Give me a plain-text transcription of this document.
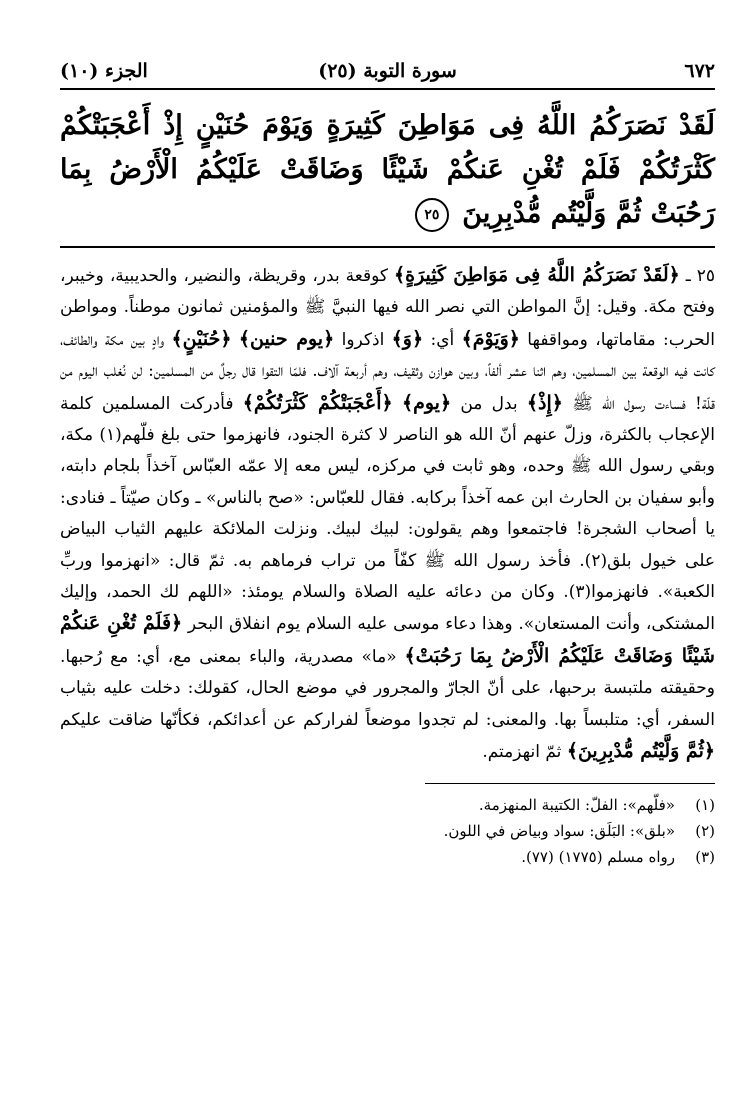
٦٧٢
سورة التوبة (٢٥)
الجزء (١٠)
لَقَدْ نَصَرَكُمُ اللَّهُ فِى مَوَاطِنَ كَثِيرَةٍ وَيَوْمَ حُنَيْنٍ إِذْ أَعْجَبَتْكُمْ كَثْرَتُكُمْ فَلَمْ تُغْنِ عَنكُمْ شَيْئًا وَضَاقَتْ عَلَيْكُمُ الْأَرْضُ بِمَا رَحُبَتْ ثُمَّ وَلَّيْتُم مُّدْبِرِينَ ٢٥

٢٥ ـ ﴿لَقَدْ نَصَرَكُمُ اللَّهُ فِى مَوَاطِنَ كَثِيرَةٍ﴾ كوقعة بدر، وقريظة، والنضير، والحديبية، وخيبر، وفتح مكة. وقيل: إنَّ المواطن التي نصر الله فيها النبيَّ ﷺ والمؤمنين ثمانون موطناً. ومواطن الحرب: مقاماتها، ومواقفها ﴿وَيَوْمَ﴾ أي: ﴿وَ﴾ اذكروا ﴿يوم حنين﴾ ﴿حُنَيْنٍ﴾ وادٍ بين مكة والطائف، كانت فيه الوقعة بين المسلمين، وهم اثنا عشر ألفاً، وبين هوازن وثقيف، وهم أربعة آلاف. فلمّا التقوا قال رجلٌ من المسلمين: لن نُغلب اليوم من قلّة! فساءت رسول الله ﷺ ﴿إِذْ﴾ بدل من ﴿يوم﴾ ﴿أَعْجَبَتْكُمْ كَثْرَتُكُمْ﴾ فأدركت المسلمين كلمة الإعجاب بالكثرة، وزلّ عنهم أنّ الله هو الناصر لا كثرة الجنود، فانهزموا حتى بلغ فلّهم(١) مكة، وبقي رسول الله ﷺ وحده، وهو ثابت في مركزه، ليس معه إلا عمّه العبّاس آخذاً بلجام دابته، وأبو سفيان بن الحارث ابن عمه آخذاً بركابه. فقال للعبّاس: «صح بالناس» ـ وكان صيّتاً ـ فنادى: يا أصحاب الشجرة! فاجتمعوا وهم يقولون: لبيك لبيك. ونزلت الملائكة عليهم الثياب البياض على خيول بلق(٢). فأخذ رسول الله ﷺ كفّاً من تراب فرماهم به. ثمّ قال: «انهزموا وربِّ الكعبة». فانهزموا(٣). وكان من دعائه عليه الصلاة والسلام يومئذ: «اللهم لك الحمد، وإليك المشتكى، وأنت المستعان». وهذا دعاء موسى عليه السلام يوم انفلاق البحر ﴿فَلَمْ تُغْنِ عَنكُمْ شَيْئًا وَضَاقَتْ عَلَيْكُمُ الْأَرْضُ بِمَا رَحُبَتْ﴾ «ما» مصدرية، والباء بمعنى مع، أي: مع رُحبها. وحقيقته ملتبسة برحبها، على أنّ الجارّ والمجرور في موضع الحال، كقولك: دخلت عليه بثياب السفر، أي: متلبساً بها. والمعنى: لم تجدوا موضعاً لفراركم عن أعدائكم، فكأنّها ضاقت عليكم ﴿ثُمَّ وَلَّيْتُم مُّدْبِرِينَ﴾ ثمّ انهزمتم.

(١)
«فلّهم»: الفلّ: الكتيبة المنهزمة.
(٢)
«بلق»: البَلَق: سواد وبياض في اللون.
(٣)
رواه مسلم (١٧٧٥) (٧٧).
